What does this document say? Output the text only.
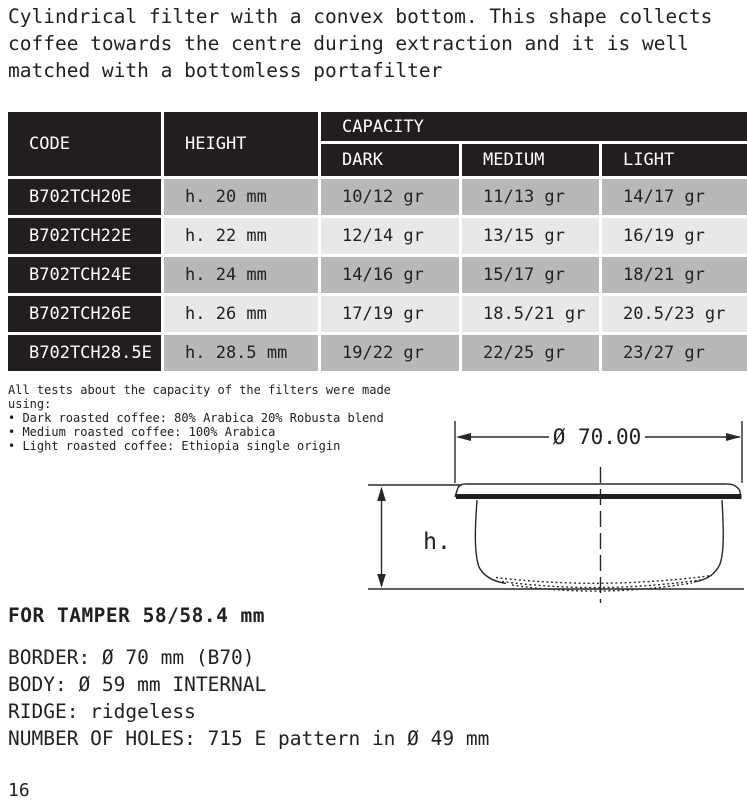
Cylindrical filter with a convex bottom. This shape collects coffee towards the centre during extraction and it is well matched with a bottomless portafilter

CODE	HEIGHT
CAPACITY
DARK	MEDIUM	LIGHT
B702TCH20E	h. 20 mm	10/12 gr	11/13 gr	14/17 gr
B702TCH22E	h. 22 mm	12/14 gr	13/15 gr	16/19 gr
B702TCH24E	h. 24 mm	14/16 gr	15/17 gr	18/21 gr
B702TCH26E	h. 26 mm	17/19 gr	18.5/21 gr	20.5/23 gr
B702TCH28.5E	h. 28.5 mm	19/22 gr	22/25 gr	23/27 gr
All tests about the capacity of the filters were made using:
• Dark roasted coffee: 80% Arabica 20% Robusta blend
• Medium roasted coffee: 100% Arabica
• Light roasted coffee: Ethiopia single origin	Ø 70.00
h.
FOR TAMPER 58/58.4 mm
BORDER: Ø 70 mm (B70)
BODY: Ø 59 mm INTERNAL
RIDGE: ridgeless
NUMBER OF HOLES: 715 E pattern in Ø 49 mm
16
